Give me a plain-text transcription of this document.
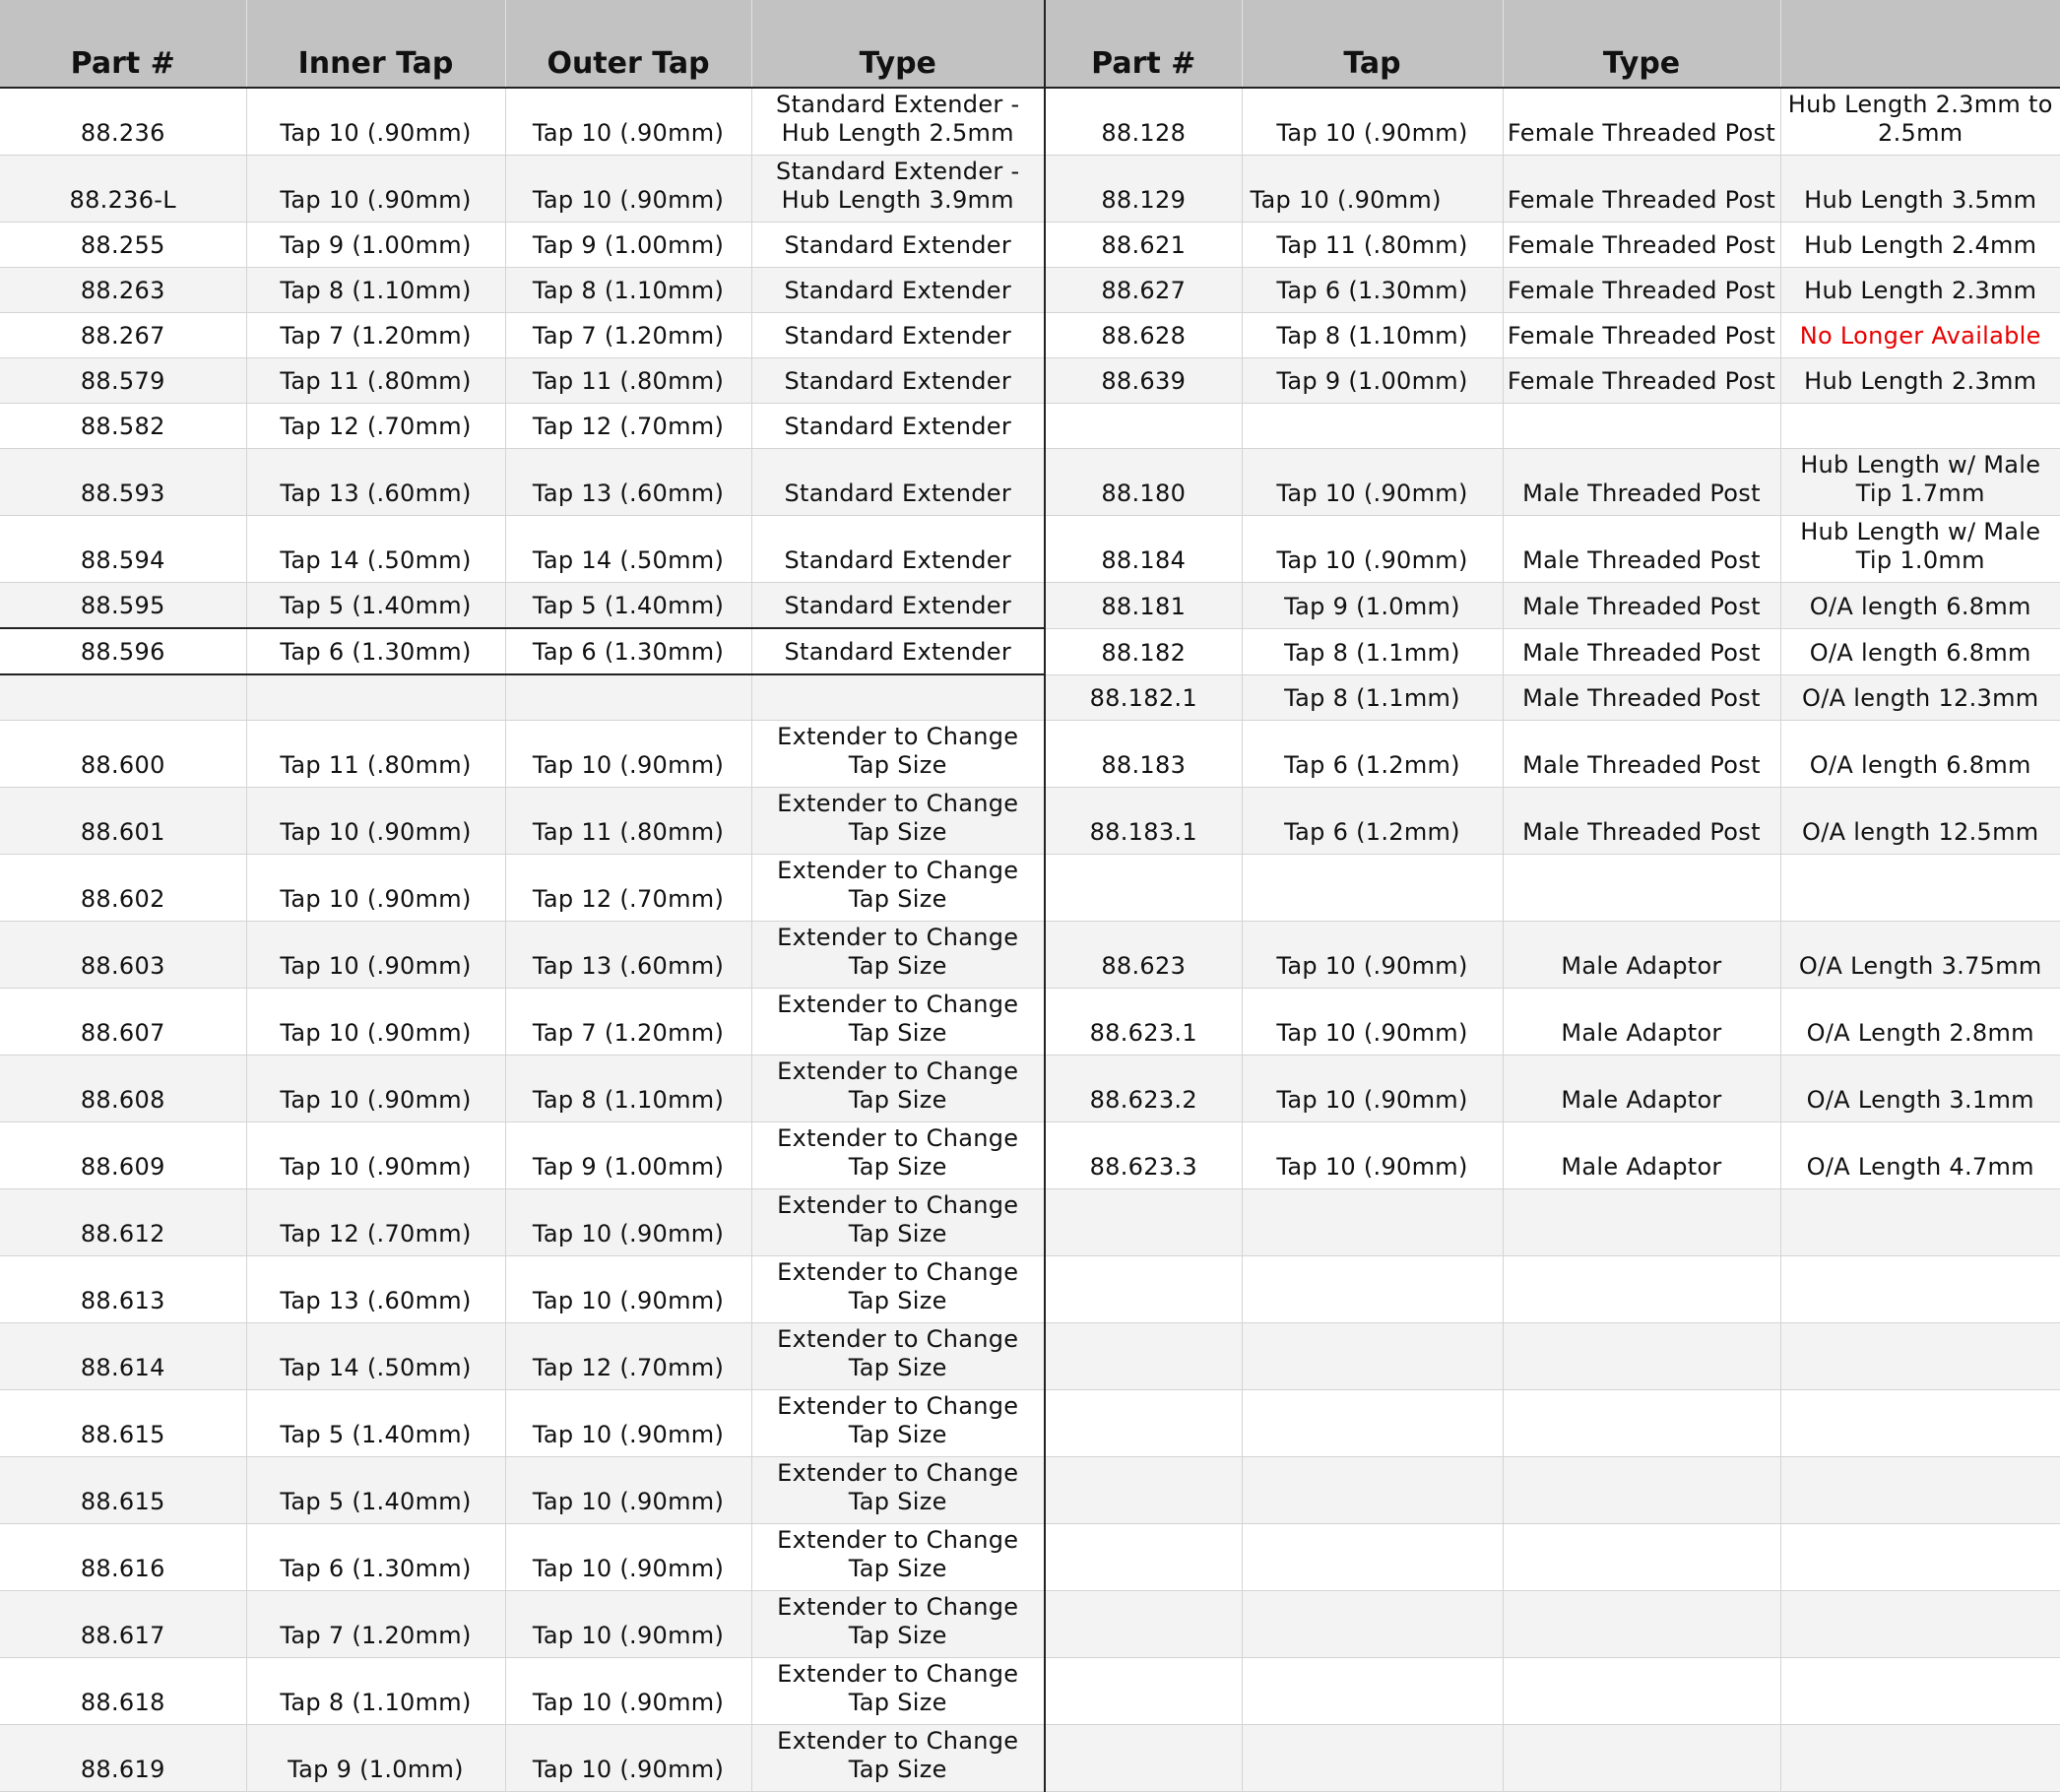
Part #	Inner Tap	Outer Tap	Type	Part #	Tap	Type	
88.236	Tap 10 (.90mm)	Tap 10 (.90mm)	Standard Extender - Hub Length 2.5mm	88.128	Tap 10 (.90mm)	Female Threaded Post	Hub Length 2.3mm to 2.5mm
88.236-L	Tap 10 (.90mm)	Tap 10 (.90mm)	Standard Extender - Hub Length 3.9mm	88.129	Tap 10 (.90mm)	Female Threaded Post	Hub Length 3.5mm
88.255	Tap 9 (1.00mm)	Tap 9 (1.00mm)	Standard Extender	88.621	Tap 11 (.80mm)	Female Threaded Post	Hub Length 2.4mm
88.263	Tap 8 (1.10mm)	Tap 8 (1.10mm)	Standard Extender	88.627	Tap 6 (1.30mm)	Female Threaded Post	Hub Length 2.3mm
88.267	Tap 7 (1.20mm)	Tap 7 (1.20mm)	Standard Extender	88.628	Tap 8 (1.10mm)	Female Threaded Post	No Longer Available
88.579	Tap 11 (.80mm)	Tap 11 (.80mm)	Standard Extender	88.639	Tap 9 (1.00mm)	Female Threaded Post	Hub Length 2.3mm
88.582	Tap 12 (.70mm)	Tap 12 (.70mm)	Standard Extender				
88.593	Tap 13 (.60mm)	Tap 13 (.60mm)	Standard Extender	88.180	Tap 10 (.90mm)	Male Threaded Post	Hub Length w/ Male Tip 1.7mm
88.594	Tap 14 (.50mm)	Tap 14 (.50mm)	Standard Extender	88.184	Tap 10 (.90mm)	Male Threaded Post	Hub Length w/ Male Tip 1.0mm
88.595	Tap 5 (1.40mm)	Tap 5 (1.40mm)	Standard Extender	88.181	Tap 9 (1.0mm)	Male Threaded Post	O/A length 6.8mm
88.596	Tap 6 (1.30mm)	Tap 6 (1.30mm)	Standard Extender	88.182	Tap 8 (1.1mm)	Male Threaded Post	O/A length 6.8mm
				88.182.1	Tap 8 (1.1mm)	Male Threaded Post	O/A length 12.3mm
88.600	Tap 11 (.80mm)	Tap 10 (.90mm)	Extender to Change Tap Size	88.183	Tap 6 (1.2mm)	Male Threaded Post	O/A length 6.8mm
88.601	Tap 10 (.90mm)	Tap 11 (.80mm)	Extender to Change Tap Size	88.183.1	Tap 6 (1.2mm)	Male Threaded Post	O/A length 12.5mm
88.602	Tap 10 (.90mm)	Tap 12 (.70mm)	Extender to Change Tap Size				
88.603	Tap 10 (.90mm)	Tap 13 (.60mm)	Extender to Change Tap Size	88.623	Tap 10 (.90mm)	Male Adaptor	O/A Length 3.75mm
88.607	Tap 10 (.90mm)	Tap 7 (1.20mm)	Extender to Change Tap Size	88.623.1	Tap 10 (.90mm)	Male Adaptor	O/A Length 2.8mm
88.608	Tap 10 (.90mm)	Tap 8 (1.10mm)	Extender to Change Tap Size	88.623.2	Tap 10 (.90mm)	Male Adaptor	O/A Length 3.1mm
88.609	Tap 10 (.90mm)	Tap 9 (1.00mm)	Extender to Change Tap Size	88.623.3	Tap 10 (.90mm)	Male Adaptor	O/A Length 4.7mm
88.612	Tap 12 (.70mm)	Tap 10 (.90mm)	Extender to Change Tap Size				
88.613	Tap 13 (.60mm)	Tap 10 (.90mm)	Extender to Change Tap Size				
88.614	Tap 14 (.50mm)	Tap 12 (.70mm)	Extender to Change Tap Size				
88.615	Tap 5 (1.40mm)	Tap 10 (.90mm)	Extender to Change Tap Size				
88.615	Tap 5 (1.40mm)	Tap 10 (.90mm)	Extender to Change Tap Size				
88.616	Tap 6 (1.30mm)	Tap 10 (.90mm)	Extender to Change Tap Size				
88.617	Tap 7 (1.20mm)	Tap 10 (.90mm)	Extender to Change Tap Size				
88.618	Tap 8 (1.10mm)	Tap 10 (.90mm)	Extender to Change Tap Size				
88.619	Tap 9 (1.0mm)	Tap 10 (.90mm)	Extender to Change Tap Size				
